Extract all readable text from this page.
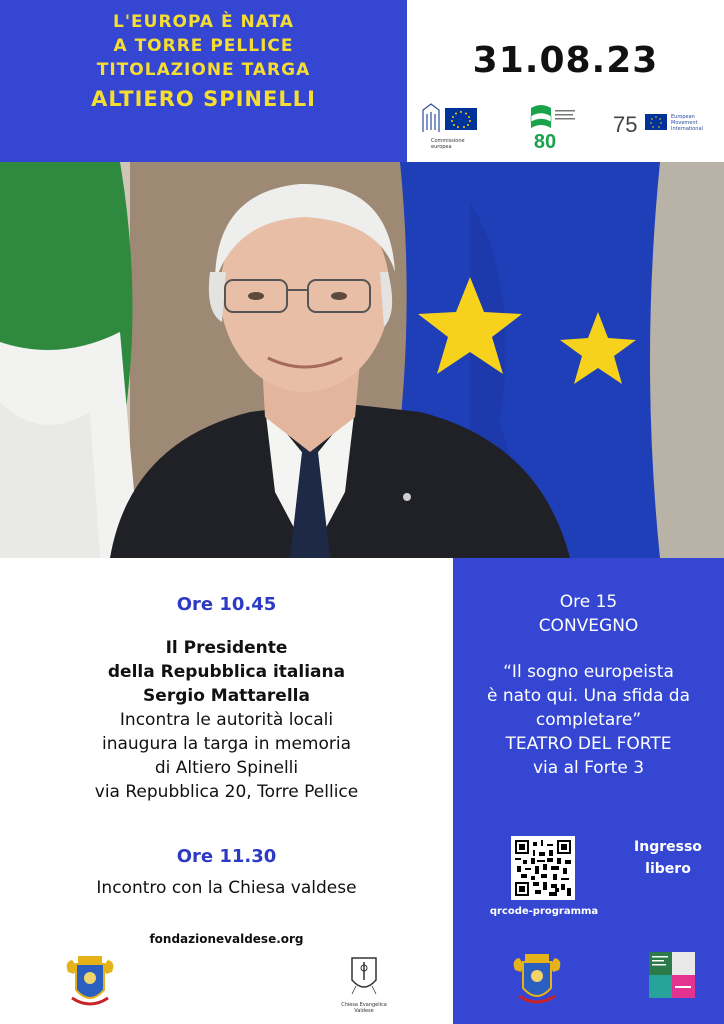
L'EUROPA È NATA
A TORRE PELLICE
TITOLAZIONE TARGA
ALTIERO SPINELLI
31.08.23
Commissione europea	80
75	European Movement International
Ore 10.45
Il Presidente
della Repubblica italiana
Sergio Mattarella
Incontra le autorità locali
inaugura la targa in memoria
di Altiero Spinelli
via Repubblica 20, Torre Pellice
Ore 11.30
Incontro con la Chiesa valdese
fondazionevaldese.org
Chiesa Evangelica Valdese
Ore 15
CONVEGNO
“Il sogno europeista
è nato qui. Una sfida da
completare”
TEATRO DEL FORTE
via al Forte 3
qrcode-programma
Ingresso
libero
